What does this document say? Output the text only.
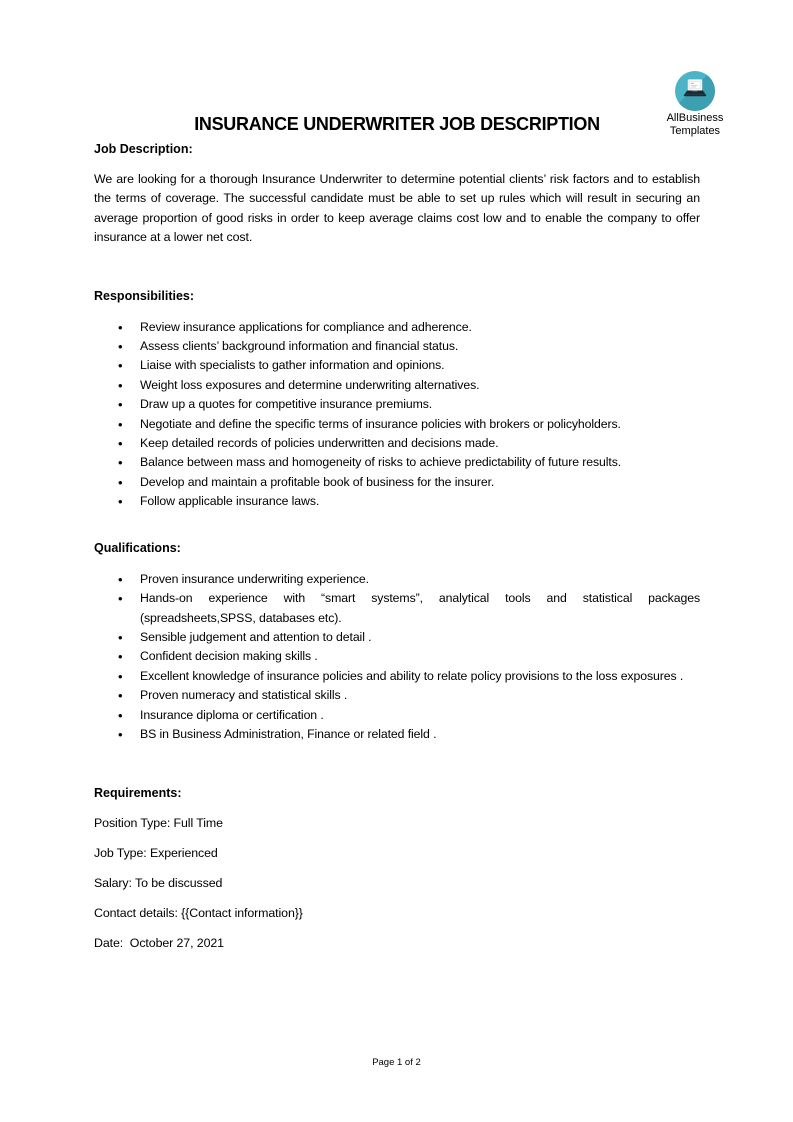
AllBusiness
Templates
INSURANCE UNDERWRITER JOB DESCRIPTION
Job Description:

We are looking for a thorough Insurance Underwriter to determine potential clients’ risk factors and to establish the terms of coverage. The successful candidate must be able to set up rules which will result in securing an average proportion of good risks in order to keep average claims cost low and to enable the company to offer insurance at a lower net cost.

Responsibilities:
• Review insurance applications for compliance and adherence.
• Assess clients’ background information and financial status.
• Liaise with specialists to gather information and opinions.
• Weight loss exposures and determine underwriting alternatives.
• Draw up a quotes for competitive insurance premiums.
• Negotiate and define the specific terms of insurance policies with brokers or policyholders.
• Keep detailed records of policies underwritten and decisions made.
• Balance between mass and homogeneity of risks to achieve predictability of future results.
• Develop and maintain a profitable book of business for the insurer.
• Follow applicable insurance laws.
Qualifications:
• Proven insurance underwriting experience.
• Hands-on experience with “smart systems”, analytical tools and statistical packages (spreadsheets,SPSS, databases etc).
• Sensible judgement and attention to detail .
• Confident decision making skills .
• Excellent knowledge of insurance policies and ability to relate policy provisions to the loss exposures .
• Proven numeracy and statistical skills .
• Insurance diploma or certification .
• BS in Business Administration, Finance or related field .
Requirements:

Position Type: Full Time

Job Type: Experienced

Salary: To be discussed

Contact details: {{Contact information}}

Date:  October 27, 2021

Page 1 of 2
